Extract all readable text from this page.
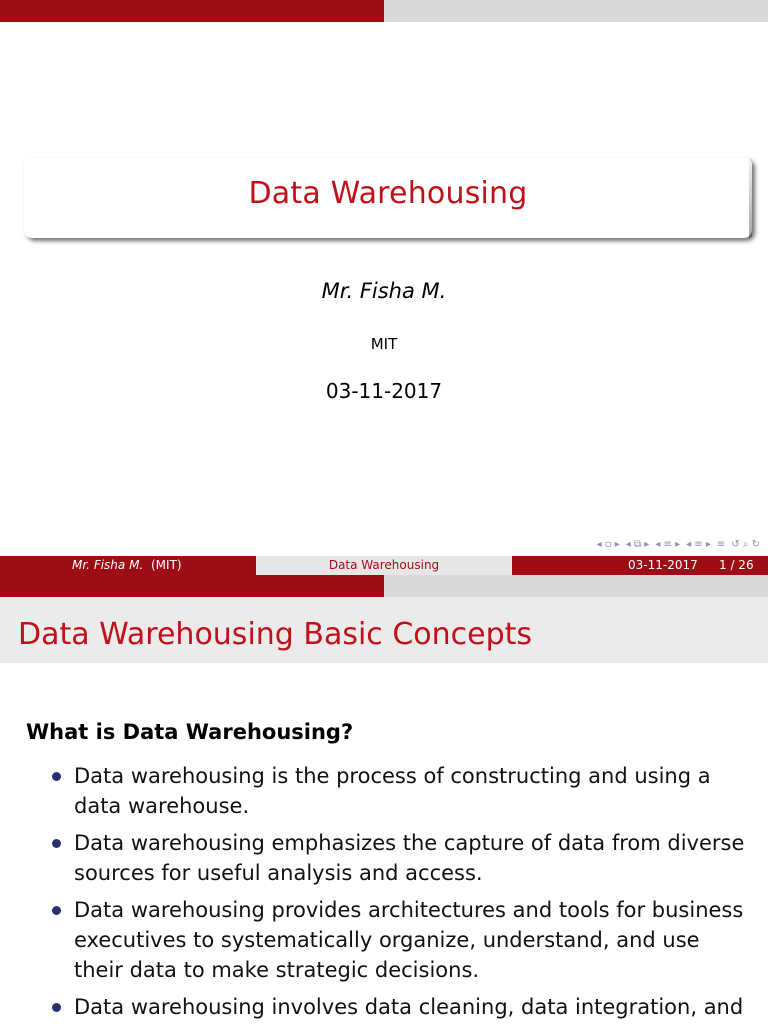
Data Warehousing
Mr. Fisha M.
MIT
03-11-2017
◂ ▫ ▸ ◂ ⧉ ▸ ◂ ≡ ▸ ◂ ≡ ▸ ≡ ↺ ⌕ ↻
Mr. Fisha M. (MIT)	Data Warehousing	03-11-2017 1 / 26
Data Warehousing Basic Concepts
What is Data Warehousing?
Data warehousing is the process of constructing and using a data warehouse.
Data warehousing emphasizes the capture of data from diverse sources for useful analysis and access.
Data warehousing provides architectures and tools for business executives to systematically organize, understand, and use their data to make strategic decisions.
Data warehousing involves data cleaning, data integration, and
